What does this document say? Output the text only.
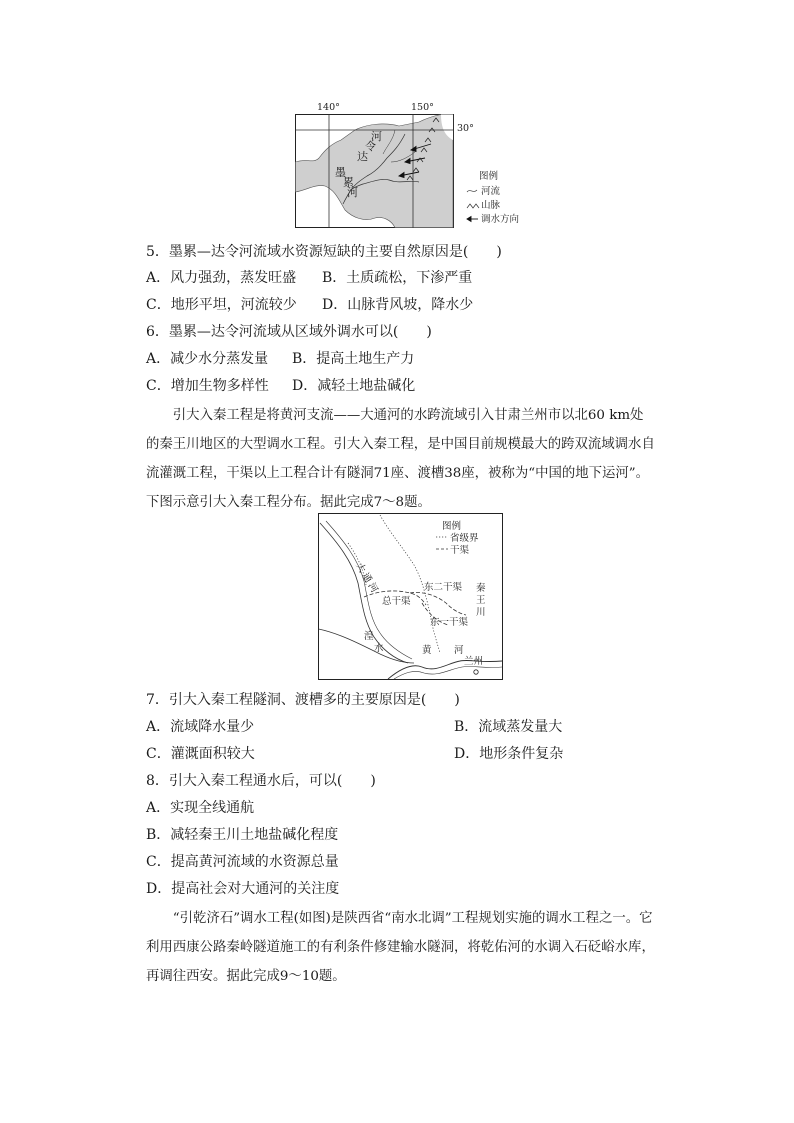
140°	150°
30°
达
令
河
墨
累
河
图例
河流
山脉
调水方向
5．墨累—达令河流域水资源短缺的主要自然原因是(　　)
A．风力强劲，蒸发旺盛 B．土质疏松，下渗严重
C．地形平坦，河流较少 D．山脉背风坡，降水少
6．墨累—达令河流域从区域外调水可以(　　)
A．减少水分蒸发量 B．提高土地生产力
C．增加生物多样性 D．减轻土地盐碱化
引大入秦工程是将黄河支流——大通河的水跨流域引入甘肃兰州市以北60 km处的秦王川地区的大型调水工程。引大入秦工程，是中国目前规模最大的跨双流域调水自流灌溉工程，干渠以上工程合计有隧洞71座、渡槽38座，被称为“中国的地下运河”。下图示意引大入秦工程分布。据此完成7～8题。
大
通
河
总干渠
东二干渠
东一干渠
秦
王
川
湟
水	黄 河
兰州
图例
省级界
干渠
7．引大入秦工程隧洞、渡槽多的主要原因是(　　)
A．流域降水量少	B．流域蒸发量大
C．灌溉面积较大	D．地形条件复杂
8．引大入秦工程通水后，可以(　　)
A．实现全线通航
B．减轻秦王川土地盐碱化程度
C．提高黄河流域的水资源总量
D．提高社会对大通河的关注度
“引乾济石”调水工程(如图)是陕西省“南水北调”工程规划实施的调水工程之一。它利用西康公路秦岭隧道施工的有利条件修建输水隧洞，将乾佑河的水调入石砭峪水库，再调往西安。据此完成9～10题。
